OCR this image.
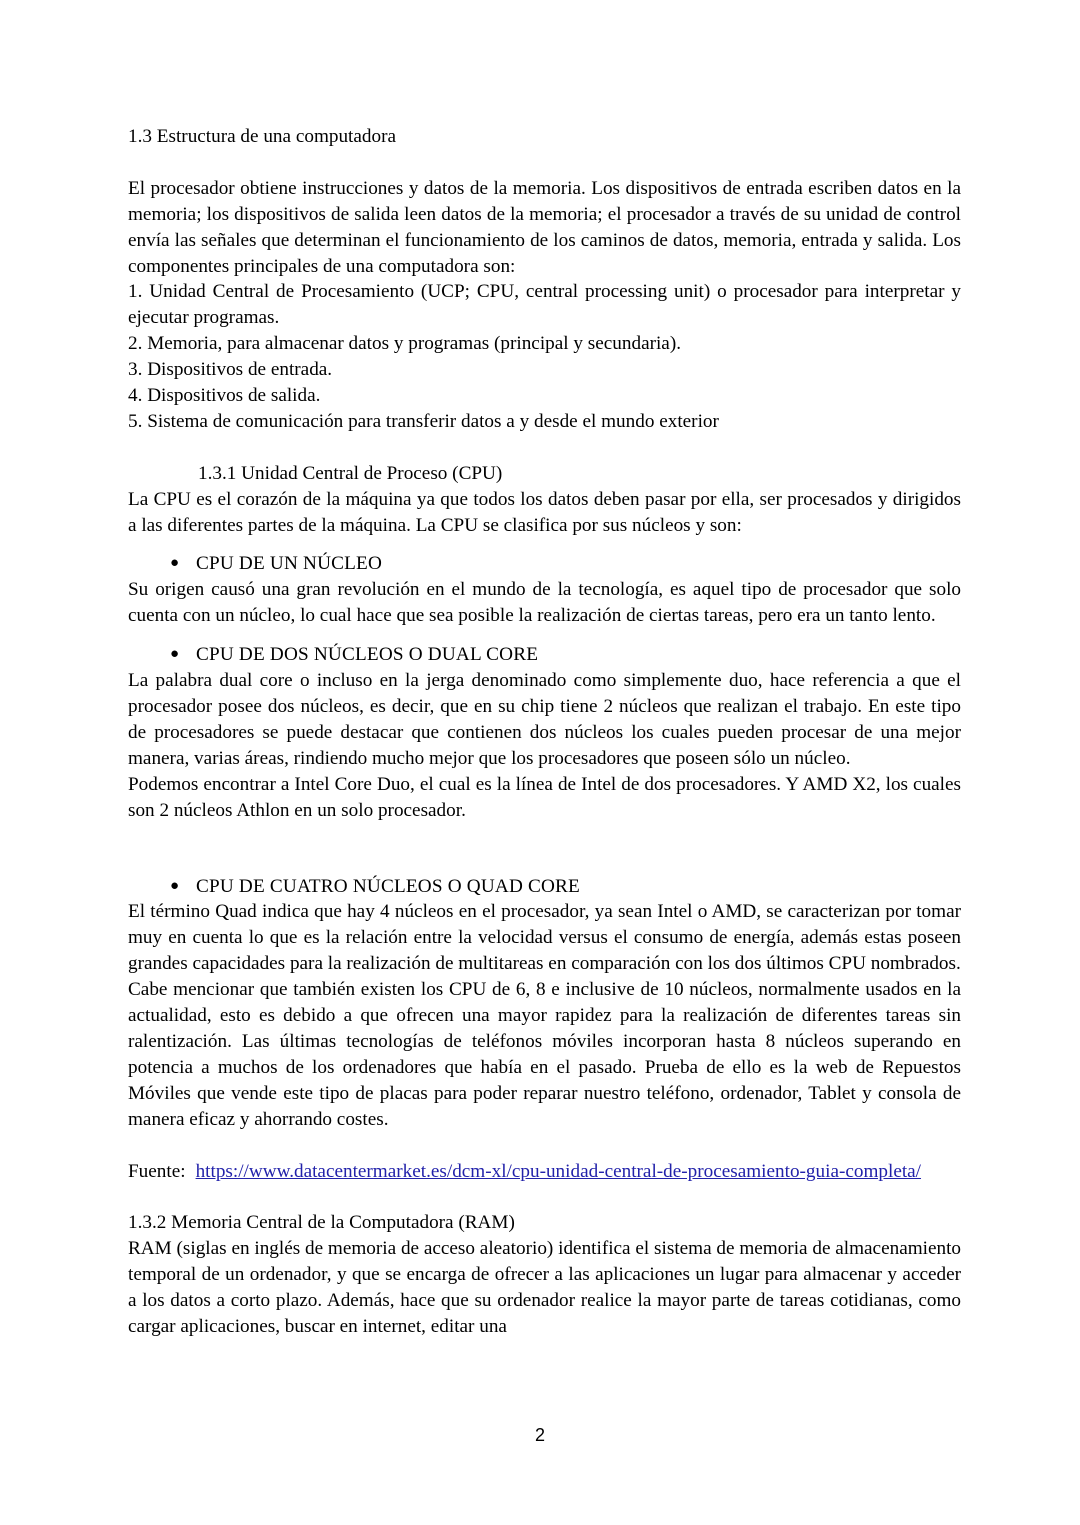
1.3 Estructura de una computadora

El procesador obtiene instrucciones y datos de la memoria. Los dispositivos de entrada escriben datos en la memoria; los dispositivos de salida leen datos de la memoria; el procesador a través de su unidad de control envía las señales que determinan el funcionamiento de los caminos de datos, memoria, entrada y salida. Los componentes principales de una computadora son:

1. Unidad Central de Procesamiento (UCP; CPU, central processing unit) o procesador para interpretar y ejecutar programas.

2. Memoria, para almacenar datos y programas (principal y secundaria).

3. Dispositivos de entrada.

4. Dispositivos de salida.

5. Sistema de comunicación para transferir datos a y desde el mundo exterior

1.3.1 Unidad Central de Proceso (CPU)

La CPU es el corazón de la máquina ya que todos los datos deben pasar por ella, ser procesados y dirigidos a las diferentes partes de la máquina. La CPU se clasifica por sus núcleos y son:

● CPU DE UN NÚCLEO

Su origen causó una gran revolución en el mundo de la tecnología, es aquel tipo de procesador que solo cuenta con un núcleo, lo cual hace que sea posible la realización de ciertas tareas, pero era un tanto lento.

● CPU DE DOS NÚCLEOS O DUAL CORE

La palabra dual core o incluso en la jerga denominado como simplemente duo, hace referencia a que el procesador posee dos núcleos, es decir, que en su chip tiene 2 núcleos que realizan el trabajo. En este tipo de procesadores se puede destacar que contienen dos núcleos los cuales pueden procesar de una mejor manera, varias áreas, rindiendo mucho mejor que los procesadores que poseen sólo un núcleo.

Podemos encontrar a Intel Core Duo, el cual es la línea de Intel de dos procesadores. Y AMD X2, los cuales son 2 núcleos Athlon en un solo procesador.

● CPU DE CUATRO NÚCLEOS O QUAD CORE

El término Quad indica que hay 4 núcleos en el procesador, ya sean Intel o AMD, se caracterizan por tomar muy en cuenta lo que es la relación entre la velocidad versus el consumo de energía, además estas poseen grandes capacidades para la realización de multitareas en comparación con los dos últimos CPU nombrados.

Cabe mencionar que también existen los CPU de 6, 8 e inclusive de 10 núcleos, normalmente usados en la actualidad, esto es debido a que ofrecen una mayor rapidez para la realización de diferentes tareas sin ralentización. Las últimas tecnologías de teléfonos móviles incorporan hasta 8 núcleos superando en potencia a muchos de los ordenadores que había en el pasado. Prueba de ello es la web de Repuestos Móviles que vende este tipo de placas para poder reparar nuestro teléfono, ordenador, Tablet y consola de manera eficaz y ahorrando costes.

Fuente: https://www.datacentermarket.es/dcm-xl/cpu-unidad-central-de-procesamiento-guia-completa/

1.3.2 Memoria Central de la Computadora (RAM)

RAM (siglas en inglés de memoria de acceso aleatorio) identifica el sistema de memoria de almacenamiento temporal de un ordenador, y que se encarga de ofrecer a las aplicaciones un lugar para almacenar y acceder a los datos a corto plazo. Además, hace que su ordenador realice la mayor parte de tareas cotidianas, como cargar aplicaciones, buscar en internet, editar una

2
